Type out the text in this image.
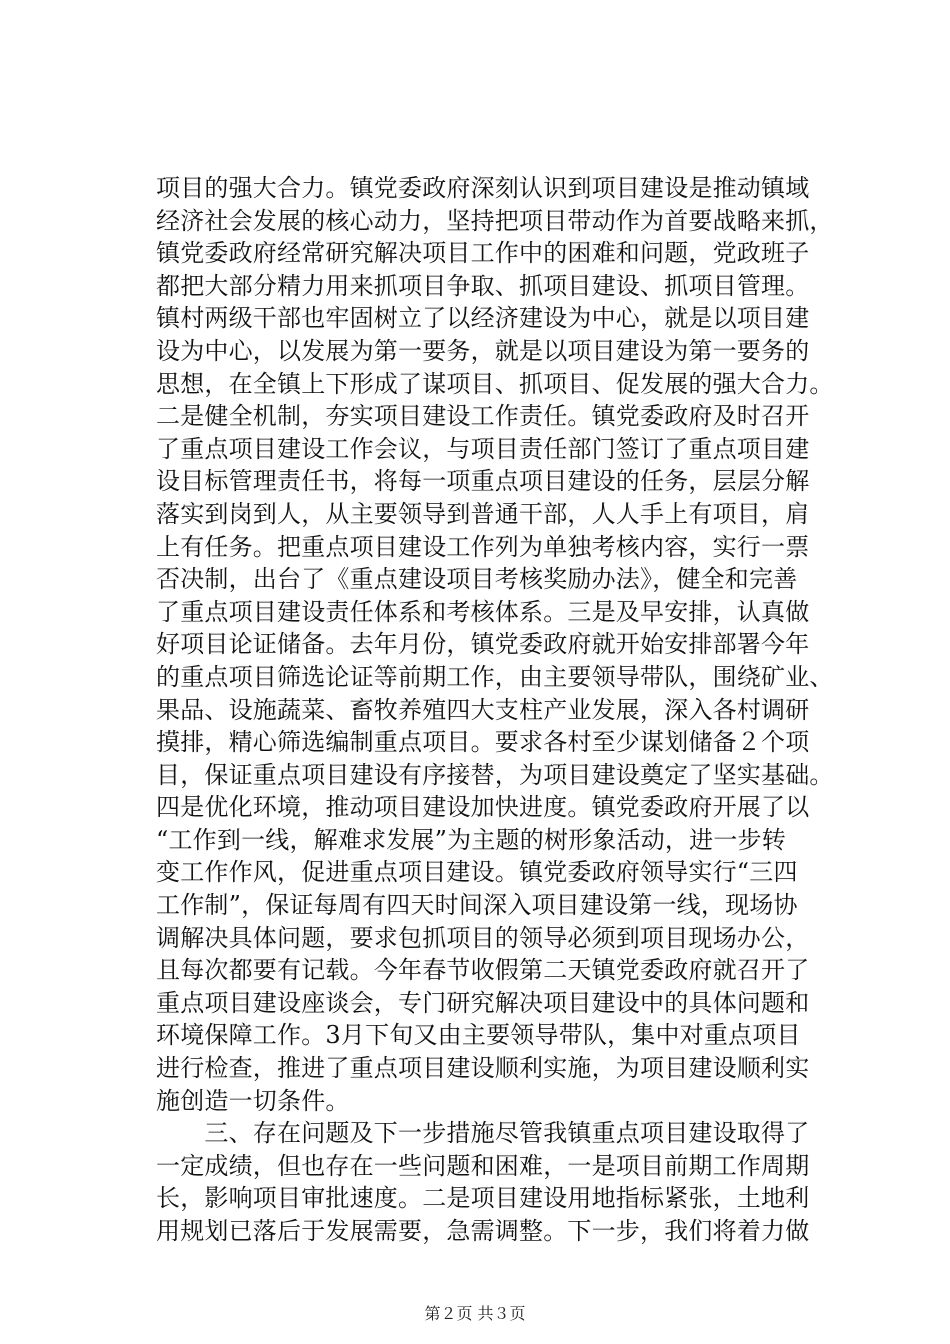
项目的强大合力。镇党委政府深刻认识到项目建设是推动镇域
经济社会发展的核心动力，坚持把项目带动作为首要战略来抓，
镇党委政府经常研究解决项目工作中的困难和问题，党政班子
都把大部分精力用来抓项目争取、抓项目建设、抓项目管理。
镇村两级干部也牢固树立了以经济建设为中心，就是以项目建
设为中心，以发展为第一要务，就是以项目建设为第一要务的
思想，在全镇上下形成了谋项目、抓项目、促发展的强大合力。
二是健全机制，夯实项目建设工作责任。镇党委政府及时召开
了重点项目建设工作会议，与项目责任部门签订了重点项目建
设目标管理责任书，将每一项重点项目建设的任务，层层分解
落实到岗到人，从主要领导到普通干部，人人手上有项目，肩
上有任务。把重点项目建设工作列为单独考核内容，实行一票
否决制，出台了《重点建设项目考核奖励办法》，健全和完善
了重点项目建设责任体系和考核体系。三是及早安排，认真做
好项目论证储备。去年月份，镇党委政府就开始安排部署今年
的重点项目筛选论证等前期工作，由主要领导带队，围绕矿业、
果品、设施蔬菜、畜牧养殖四大支柱产业发展，深入各村调研
摸排，精心筛选编制重点项目。要求各村至少谋划储备２个项
目，保证重点项目建设有序接替，为项目建设奠定了坚实基础。
四是优化环境，推动项目建设加快进度。镇党委政府开展了以
“工作到一线，解难求发展”为主题的树形象活动，进一步转
变工作作风，促进重点项目建设。镇党委政府领导实行“三四
工作制”，保证每周有四天时间深入项目建设第一线，现场协
调解决具体问题，要求包抓项目的领导必须到项目现场办公，
且每次都要有记载。今年春节收假第二天镇党委政府就召开了
重点项目建设座谈会，专门研究解决项目建设中的具体问题和
环境保障工作。3月下旬又由主要领导带队，集中对重点项目
进行检查，推进了重点项目建设顺利实施，为项目建设顺利实
施创造一切条件。
　　三、存在问题及下一步措施尽管我镇重点项目建设取得了
一定成绩，但也存在一些问题和困难，一是项目前期工作周期
长，影响项目审批速度。二是项目建设用地指标紧张，土地利
用规划已落后于发展需要，急需调整。下一步，我们将着力做
第２页 共３页
